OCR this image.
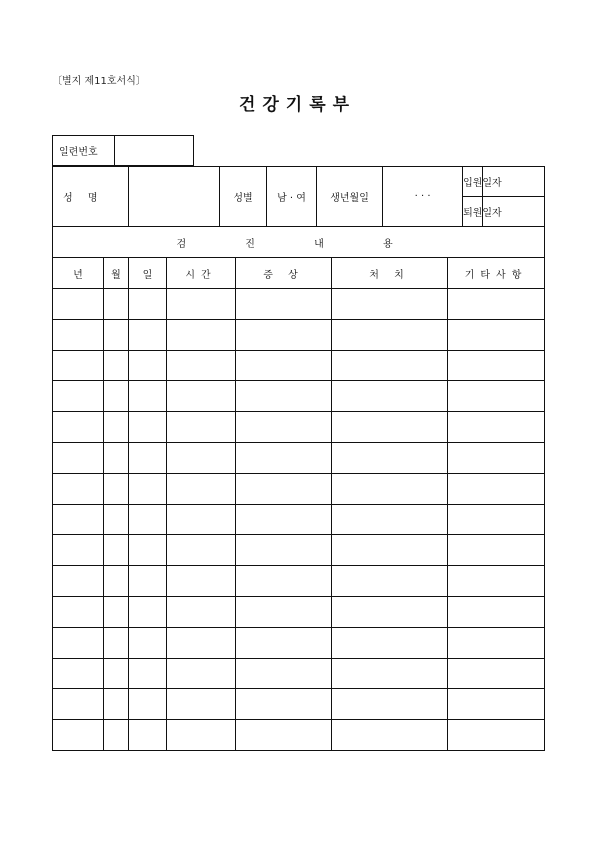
〔별지 제11호서식〕
건강기록부
일련번호	
성 명				성별		남 · 여	생년월일		· · ·		입원일자	
											퇴원일자	
검 진 내 용												
년	월	일	시간		증 상			처 치		기타사항		
